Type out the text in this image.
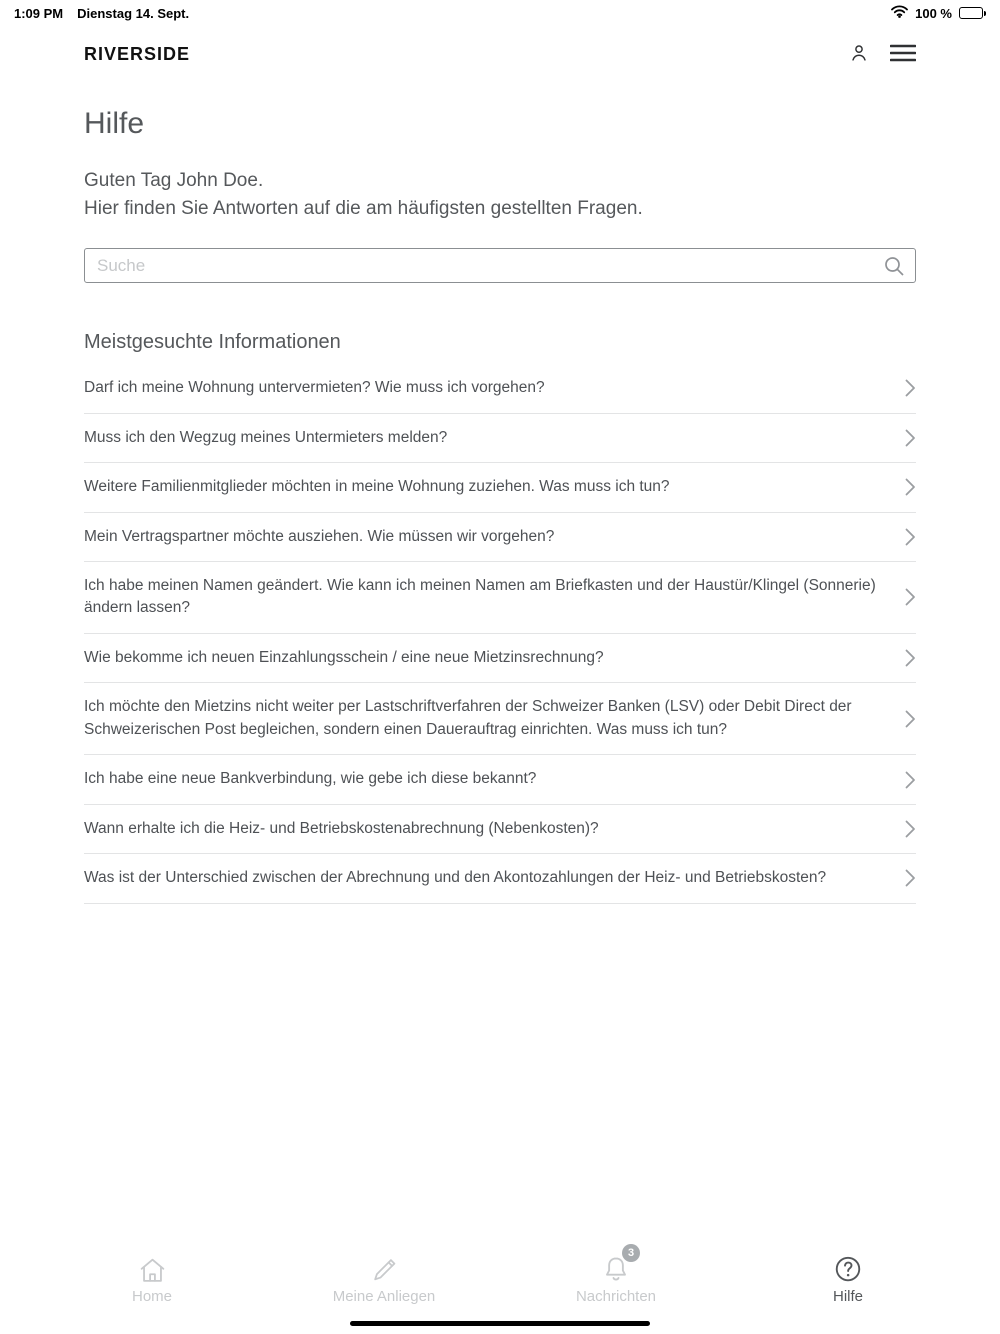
1:09 PM Dienstag 14. Sept.	100 %
RIVERSIDE
Hilfe
Guten Tag John Doe.
Hier finden Sie Antworten auf die am häufigsten gestellten Fragen.
Suche
Meistgesuchte Informationen
Darf ich meine Wohnung untervermieten? Wie muss ich vorgehen?
Muss ich den Wegzug meines Untermieters melden?
Weitere Familienmitglieder möchten in meine Wohnung zuziehen. Was muss ich tun?
Mein Vertragspartner möchte ausziehen. Wie müssen wir vorgehen?
Ich habe meinen Namen geändert. Wie kann ich meinen Namen am Briefkasten und der Haustür/Klingel (Sonnerie) ändern lassen?
Wie bekomme ich neuen Einzahlungsschein / eine neue Mietzinsrechnung?
Ich möchte den Mietzins nicht weiter per Lastschriftverfahren der Schweizer Banken (LSV) oder Debit Direct der Schweizerischen Post begleichen, sondern einen Dauerauftrag einrichten. Was muss ich tun?
Ich habe eine neue Bankverbindung, wie gebe ich diese bekannt?
Wann erhalte ich die Heiz- und Betriebskostenabrechnung (Nebenkosten)?
Was ist der Unterschied zwischen der Abrechnung und den Akontozahlungen der Heiz- und Betriebskosten?
Home	Meine Anliegen
3
Nachrichten	Hilfe
